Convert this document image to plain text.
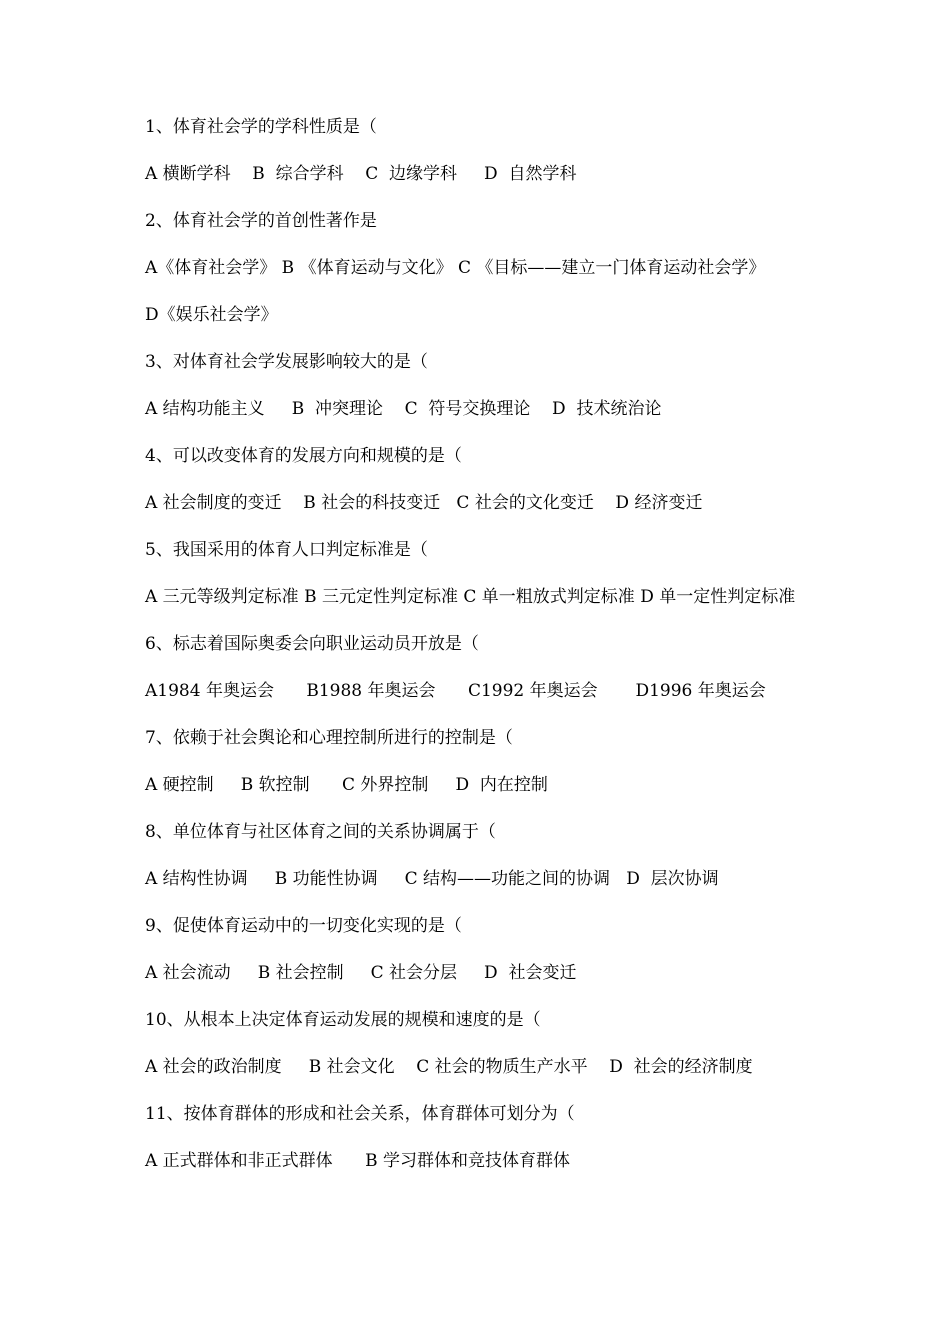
1、体育社会学的学科性质是（
A 横断学科    B  综合学科    C  边缘学科     D  自然学科
2、体育社会学的首创性著作是
A《体育社会学》 B 《体育运动与文化》 C 《目标——建立一门体育运动社会学》
D《娱乐社会学》
3、对体育社会学发展影响较大的是（
A 结构功能主义     B  冲突理论    C  符号交换理论    D  技术统治论
4、可以改变体育的发展方向和规模的是（
A 社会制度的变迁    B 社会的科技变迁   C 社会的文化变迁    D 经济变迁
5、我国采用的体育人口判定标准是（
A 三元等级判定标准 B 三元定性判定标准 C 单一粗放式判定标准 D 单一定性判定标准
6、标志着国际奥委会向职业运动员开放是（
A1984 年奥运会      B1988 年奥运会      C1992 年奥运会       D1996 年奥运会
7、依赖于社会舆论和心理控制所进行的控制是（
A 硬控制     B 软控制      C 外界控制     D  内在控制
8、单位体育与社区体育之间的关系协调属于（
A 结构性协调     B 功能性协调     C 结构——功能之间的协调   D  层次协调
9、促使体育运动中的一切变化实现的是（
A 社会流动     B 社会控制     C 社会分层     D  社会变迁
10、从根本上决定体育运动发展的规模和速度的是（
A 社会的政治制度     B 社会文化    C 社会的物质生产水平    D  社会的经济制度
11、按体育群体的形成和社会关系，体育群体可划分为（
A 正式群体和非正式群体      B 学习群体和竞技体育群体
